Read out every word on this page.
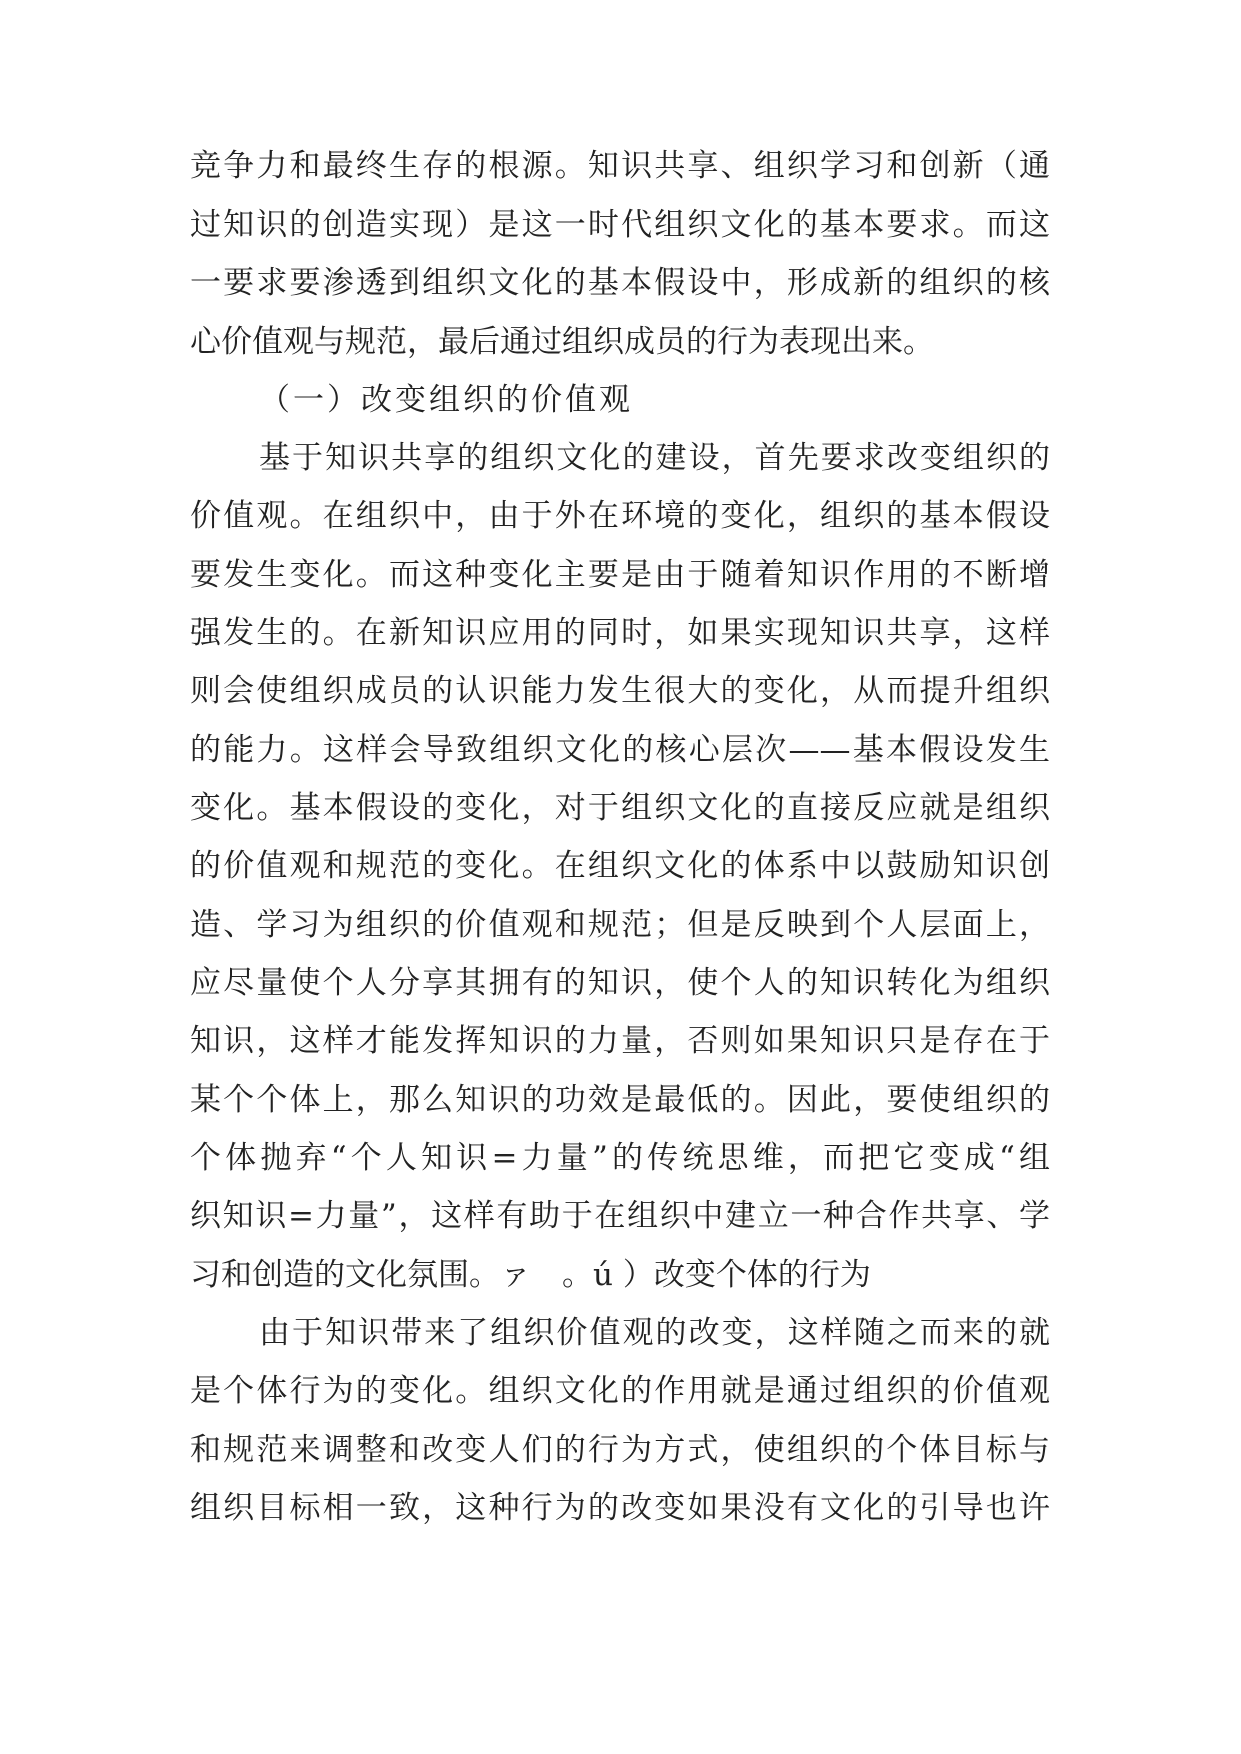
竞争力和最终生存的根源。知识共享、组织学习和创新（通
过知识的创造实现）是这一时代组织文化的基本要求。而这
一要求要渗透到组织文化的基本假设中，形成新的组织的核
心价值观与规范，最后通过组织成员的行为表现出来。
（一）改变组织的价值观
基于知识共享的组织文化的建设，首先要求改变组织的
价值观。在组织中，由于外在环境的变化，组织的基本假设
要发生变化。而这种变化主要是由于随着知识作用的不断增
强发生的。在新知识应用的同时，如果实现知识共享，这样
则会使组织成员的认识能力发生很大的变化，从而提升组织
的能力。这样会导致组织文化的核心层次——基本假设发生
变化。基本假设的变化，对于组织文化的直接反应就是组织
的价值观和规范的变化。在组织文化的体系中以鼓励知识创
造、学习为组织的价值观和规范；但是反映到个人层面上，
应尽量使个人分享其拥有的知识，使个人的知识转化为组织
知识，这样才能发挥知识的力量，否则如果知识只是存在于
某个个体上，那么知识的功效是最低的。因此，要使组织的
个体抛弃“个人知识=力量”的传统思维，而把它变成“组
织知识=力量”，这样有助于在组织中建立一种合作共享、学
习和创造的文化氛围。ァ　。ú ）改变个体的行为
由于知识带来了组织价值观的改变，这样随之而来的就
是个体行为的变化。组织文化的作用就是通过组织的价值观
和规范来调整和改变人们的行为方式，使组织的个体目标与
组织目标相一致，这种行为的改变如果没有文化的引导也许
